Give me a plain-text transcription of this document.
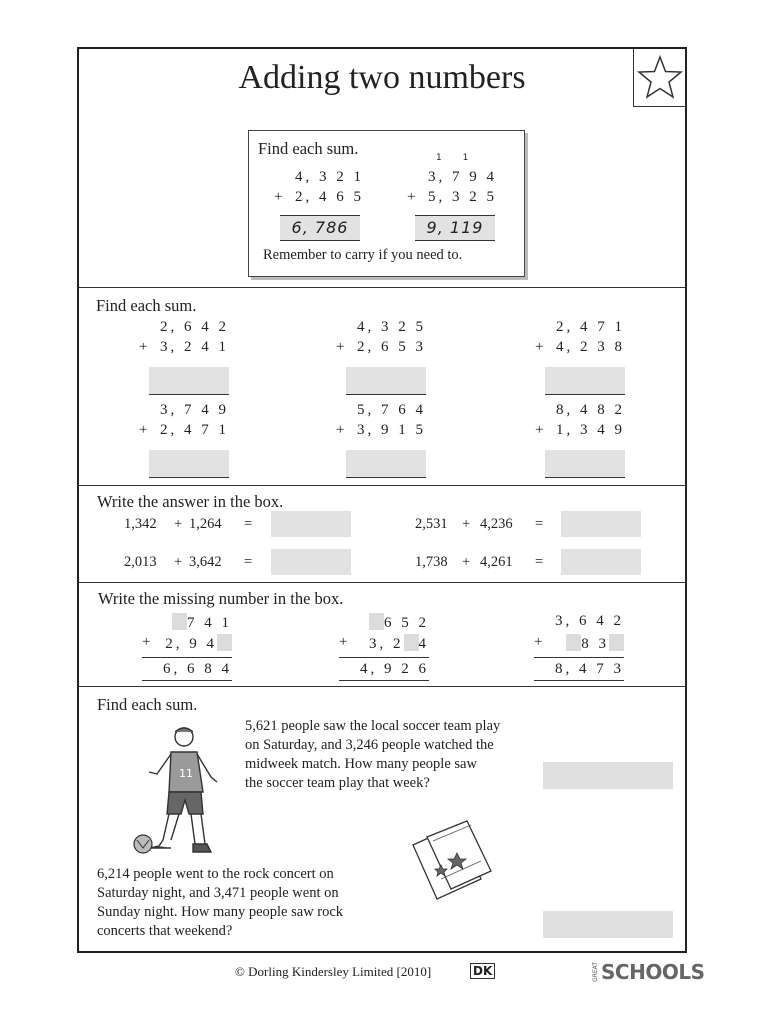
Adding two numbers
Find each sum.	1 1
4, 3 2 1
+ 2, 4 6 5
6, 786
3, 7 9 4
+ 5, 3 2 5
9, 119
Remember to carry if you need to.
Find each sum.
2, 6 4 2
+ 3, 2 4 1
4, 3 2 5
+ 2, 6 5 3
2, 4 7 1
+ 4, 2 3 8
3, 7 4 9
+ 2, 4 7 1
5, 7 6 4
+ 3, 9 1 5
8, 4 8 2
+ 1, 3 4 9
Write the answer in the box.
1,342	+ 1,264 =	2,531 + 4,236 =
2,013	+ 3,642 =	1,738 + 4,261 =
Write the missing number in the box.
7 4 1
+ 2, 9 4
6, 6 8 4
6 5 2
+ 3, 2 4
4, 9 2 6
3, 6 4 2
+ 8 3
8, 4 7 3
Find each sum.
5,621 people saw the local soccer team play
on Saturday, and 3,246 people watched the
midweek match. How many people saw
the soccer team play that week?
11
6,214 people went to the rock concert on
Saturday night, and 3,471 people went on
Sunday night. How many people saw rock
concerts that weekend?
© Dorling Kindersley Limited [2010]	DK	GREAT SCHOOLS
